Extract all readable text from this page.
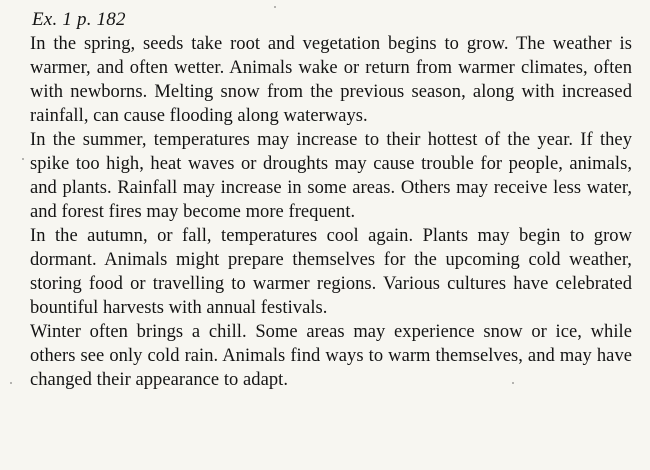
Ex. 1 p. 182

In the spring, seeds take root and vegetation begins to grow. The weather is warmer, and often wetter. Animals wake or return from warmer climates, often with newborns. Melting snow from the previous season, along with increased rainfall, can cause flooding along waterways.

In the summer, temperatures may increase to their hottest of the year. If they spike too high, heat waves or droughts may cause trouble for people, animals, and plants. Rainfall may increase in some areas. Others may receive less water, and forest fires may become more frequent.

In the autumn, or fall, temperatures cool again. Plants may begin to grow dormant. Animals might prepare themselves for the upcoming cold weather, storing food or travelling to warmer regions. Various cultures have celebrated bountiful harvests with annual festivals.

Winter often brings a chill. Some areas may experience snow or ice, while others see only cold rain. Animals find ways to warm themselves, and may have changed their appearance to adapt.
